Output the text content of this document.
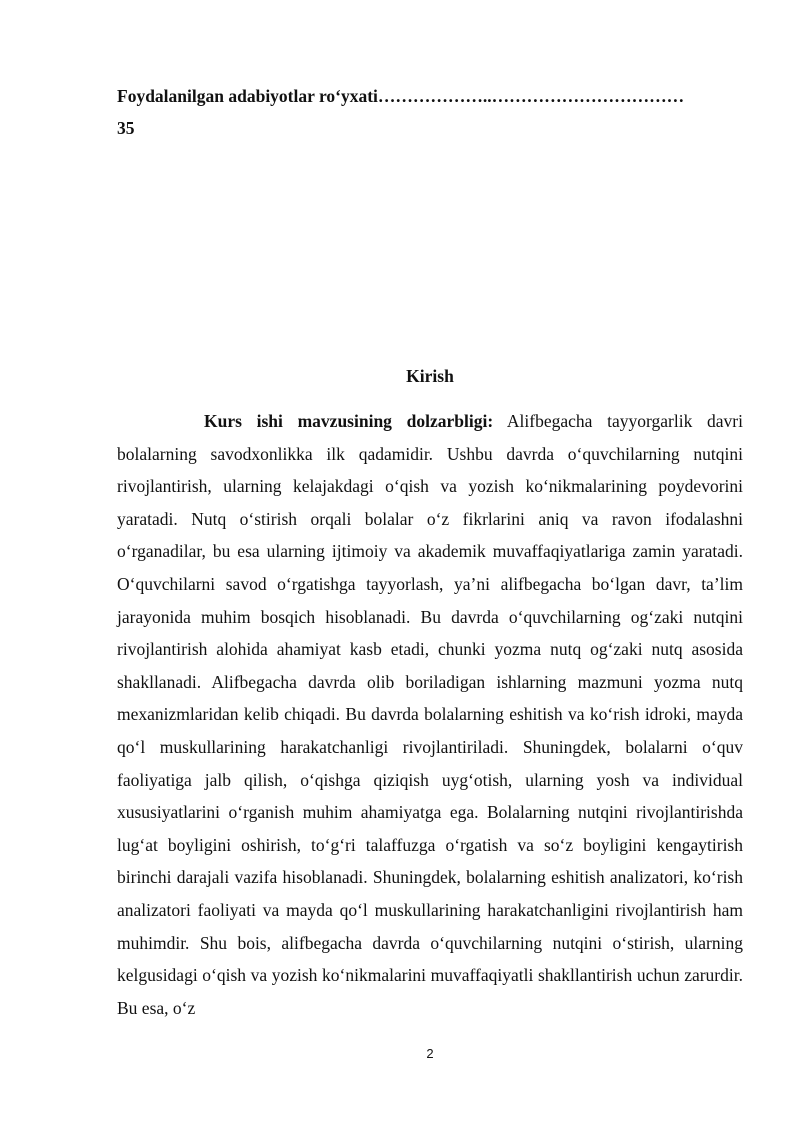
Foydalanilgan adabiyotlar ro‘yxati ………………..……………………………
35
Kirish

Kurs ishi mavzusining dolzarbligi: Alifbegacha tayyorgarlik davri bolalarning savodxonlikka ilk qadamidir. Ushbu davrda o‘quvchilarning nutqini rivojlantirish, ularning kelajakdagi o‘qish va yozish ko‘nikmalarining poydevorini yaratadi. Nutq o‘stirish orqali bolalar o‘z fikrlarini aniq va ravon ifodalashni o‘rganadilar, bu esa ularning ijtimoiy va akademik muvaffaqiyatlariga zamin yaratadi. O‘quvchilarni savod o‘rgatishga tayyorlash, ya’ni alifbegacha bo‘lgan davr, ta’lim jarayonida muhim bosqich hisoblanadi. Bu davrda o‘quvchilarning og‘zaki nutqini rivojlantirish alohida ahamiyat kasb etadi, chunki yozma nutq og‘zaki nutq asosida shakllanadi. Alifbegacha davrda olib boriladigan ishlarning mazmuni yozma nutq mexanizmlaridan kelib chiqadi. Bu davrda bolalarning eshitish va ko‘rish idroki, mayda qo‘l muskullarining harakatchanligi rivojlantiriladi. Shuningdek, bolalarni o‘quv faoliyatiga jalb qilish, o‘qishga qiziqish uyg‘otish, ularning yosh va individual xususiyatlarini o‘rganish muhim ahamiyatga ega. Bolalarning nutqini rivojlantirishda lug‘at boyligini oshirish, to‘g‘ri talaffuzga o‘rgatish va so‘z boyligini kengaytirish birinchi darajali vazifa hisoblanadi. Shuningdek, bolalarning eshitish analizatori, ko‘rish analizatori faoliyati va mayda qo‘l muskullarining harakatchanligini rivojlantirish ham muhimdir. Shu bois, alifbegacha davrda o‘quvchilarning nutqini o‘stirish, ularning kelgusidagi o‘qish va yozish ko‘nikmalarini muvaffaqiyatli shakllantirish uchun zarurdir. Bu esa, o‘z

2
